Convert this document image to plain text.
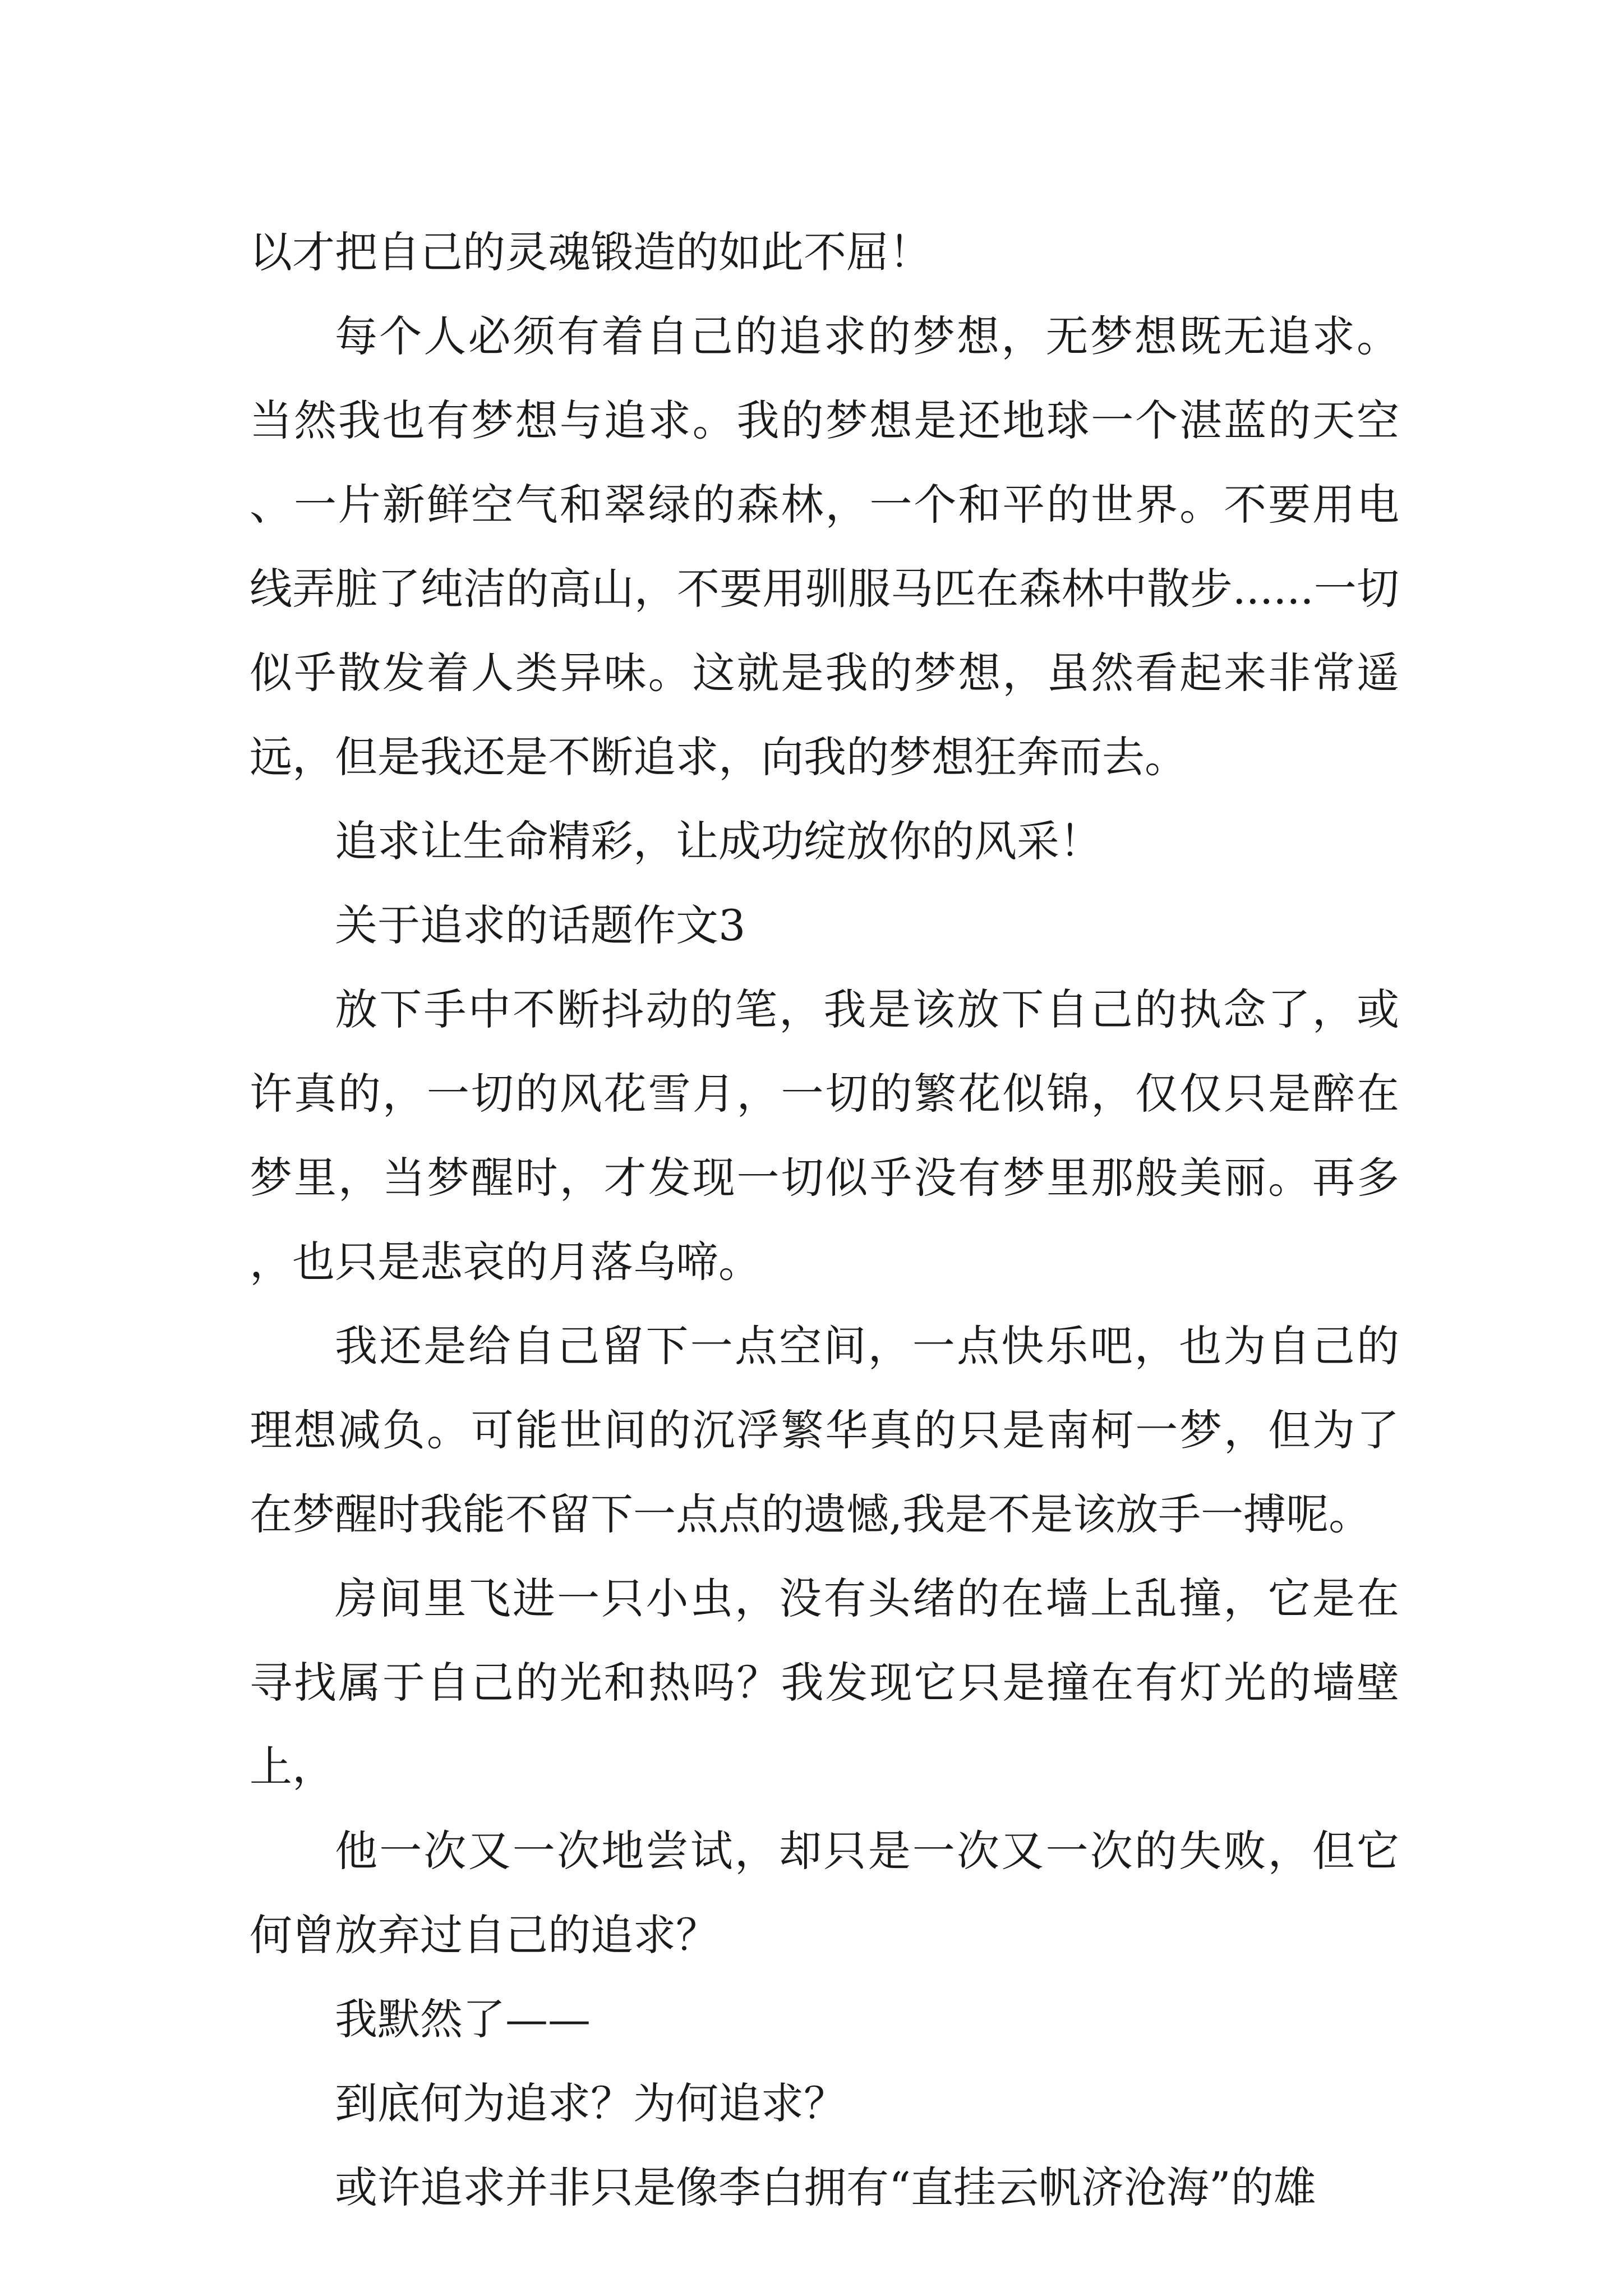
以才把自己的灵魂锻造的如此不屈！

每个人必须有着自己的追求的梦想，无梦想既无追求。当然我也有梦想与追求。我的梦想是还地球一个湛蓝的天空、一片新鲜空气和翠绿的森林，一个和平的世界。不要用电线弄脏了纯洁的高山，不要用驯服马匹在森林中散步......一切似乎散发着人类异味。这就是我的梦想，虽然看起来非常遥远，但是我还是不断追求，向我的梦想狂奔而去。

追求让生命精彩，让成功绽放你的风采！

关于追求的话题作文3

放下手中不断抖动的笔，我是该放下自己的执念了，或许真的，一切的风花雪月，一切的繁花似锦，仅仅只是醉在梦里，当梦醒时，才发现一切似乎没有梦里那般美丽。再多，也只是悲哀的月落乌啼。

我还是给自己留下一点空间，一点快乐吧，也为自己的理想减负。可能世间的沉浮繁华真的只是南柯一梦，但为了在梦醒时我能不留下一点点的遗憾,我是不是该放手一搏呢。

房间里飞进一只小虫，没有头绪的在墙上乱撞，它是在寻找属于自己的光和热吗？我发现它只是撞在有灯光的墙壁上，

他一次又一次地尝试，却只是一次又一次的失败，但它何曾放弃过自己的追求？

我默然了——

到底何为追求？为何追求？

或许追求并非只是像李白拥有“直挂云帆济沧海”的雄
